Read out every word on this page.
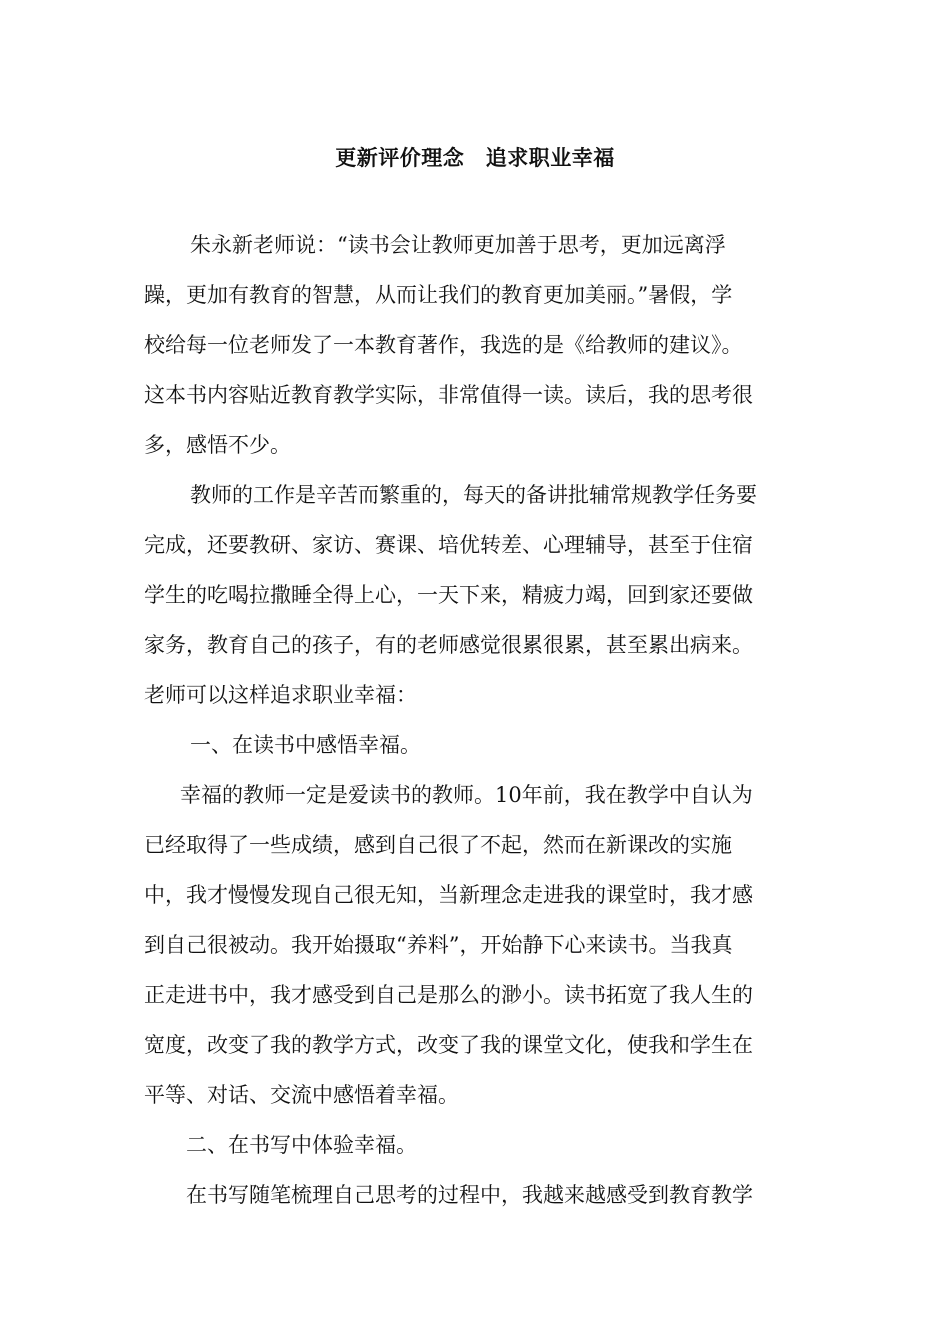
更新评价理念　追求职业幸福
朱永新老师说：“读书会让教师更加善于思考，更加远离浮
躁，更加有教育的智慧，从而让我们的教育更加美丽。”暑假，学
校给每一位老师发了一本教育著作，我选的是《给教师的建议》。
这本书内容贴近教育教学实际，非常值得一读。读后，我的思考很
多，感悟不少。
教师的工作是辛苦而繁重的，每天的备讲批辅常规教学任务要
完成，还要教研、家访、赛课、培优转差、心理辅导，甚至于住宿
学生的吃喝拉撒睡全得上心，一天下来，精疲力竭，回到家还要做
家务，教育自己的孩子，有的老师感觉很累很累，甚至累出病来。
老师可以这样追求职业幸福：
一、在读书中感悟幸福。
幸福的教师一定是爱读书的教师。10年前，我在教学中自认为
已经取得了一些成绩，感到自己很了不起，然而在新课改的实施
中，我才慢慢发现自己很无知，当新理念走进我的课堂时，我才感
到自己很被动。我开始摄取“养料”，开始静下心来读书。当我真
正走进书中，我才感受到自己是那么的渺小。读书拓宽了我人生的
宽度，改变了我的教学方式，改变了我的课堂文化，使我和学生在
平等、对话、交流中感悟着幸福。
二、在书写中体验幸福。
在书写随笔梳理自己思考的过程中，我越来越感受到教育教学
